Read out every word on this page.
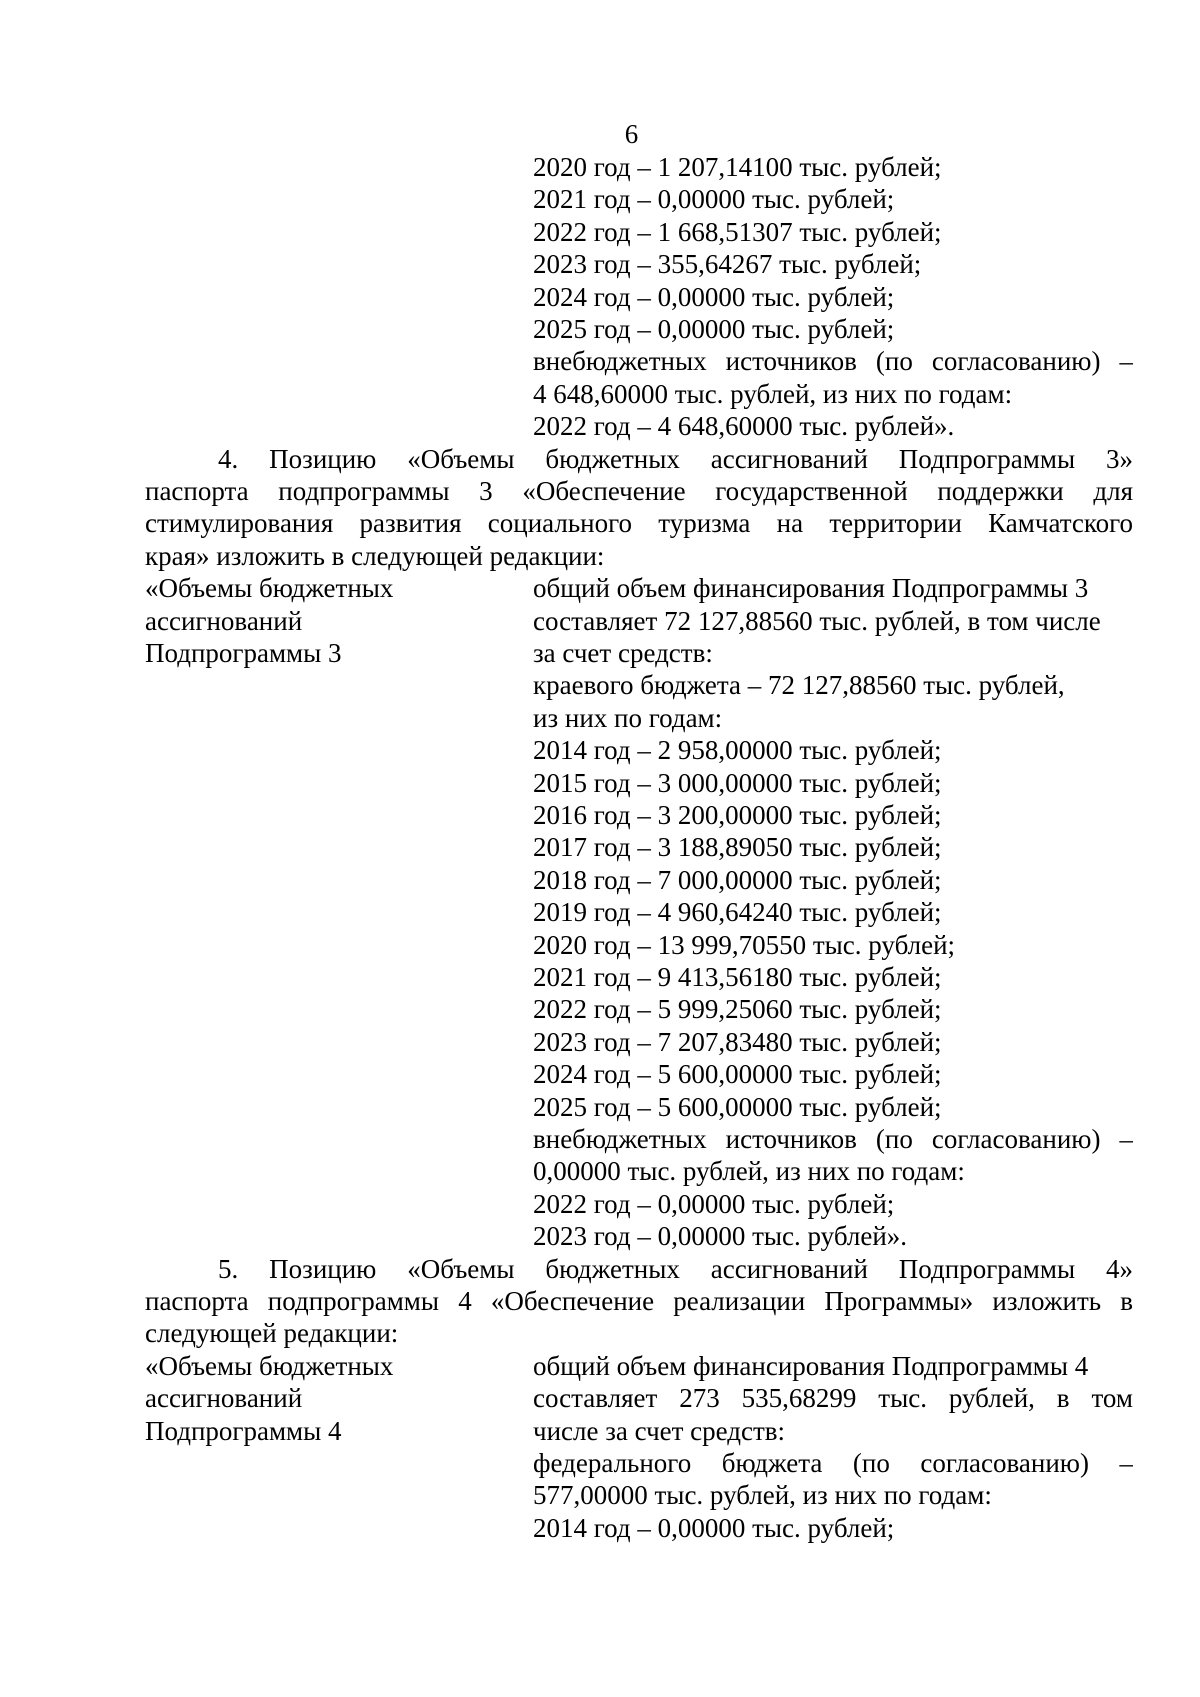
6
2020 год – 1 207,14100 тыс. рублей;
2021 год – 0,00000 тыс. рублей;
2022 год – 1 668,51307 тыс. рублей;
2023 год – 355,64267 тыс. рублей;
2024 год – 0,00000 тыс. рублей;
2025 год – 0,00000 тыс. рублей;
внебюджетных источников (по согласованию) –
4 648,60000 тыс. рублей, из них по годам:
2022 год – 4 648,60000 тыс. рублей».
4. Позицию «Объемы бюджетных ассигнований Подпрограммы 3»
паспорта подпрограммы 3 «Обеспечение государственной поддержки для
стимулирования развития социального туризма на территории Камчатского
края» изложить в следующей редакции:
«Объемы бюджетных	общий объем финансирования Подпрограммы 3
ассигнований	составляет 72 127,88560 тыс. рублей, в том числе
Подпрограммы 3	за счет средств:
краевого бюджета – 72 127,88560 тыс. рублей,
из них по годам:
2014 год – 2 958,00000 тыс. рублей;
2015 год – 3 000,00000 тыс. рублей;
2016 год – 3 200,00000 тыс. рублей;
2017 год – 3 188,89050 тыс. рублей;
2018 год – 7 000,00000 тыс. рублей;
2019 год – 4 960,64240 тыс. рублей;
2020 год – 13 999,70550 тыс. рублей;
2021 год – 9 413,56180 тыс. рублей;
2022 год – 5 999,25060 тыс. рублей;
2023 год – 7 207,83480 тыс. рублей;
2024 год – 5 600,00000 тыс. рублей;
2025 год – 5 600,00000 тыс. рублей;
внебюджетных источников (по согласованию) –
0,00000 тыс. рублей, из них по годам:
2022 год – 0,00000 тыс. рублей;
2023 год – 0,00000 тыс. рублей».
5. Позицию «Объемы бюджетных ассигнований Подпрограммы 4»
паспорта подпрограммы 4 «Обеспечение реализации Программы» изложить в
следующей редакции:
«Объемы бюджетных	общий объем финансирования Подпрограммы 4
ассигнований	составляет 273 535,68299 тыс. рублей, в том
Подпрограммы 4	числе за счет средств:
федерального бюджета (по согласованию) –
577,00000 тыс. рублей, из них по годам:
2014 год – 0,00000 тыс. рублей;
